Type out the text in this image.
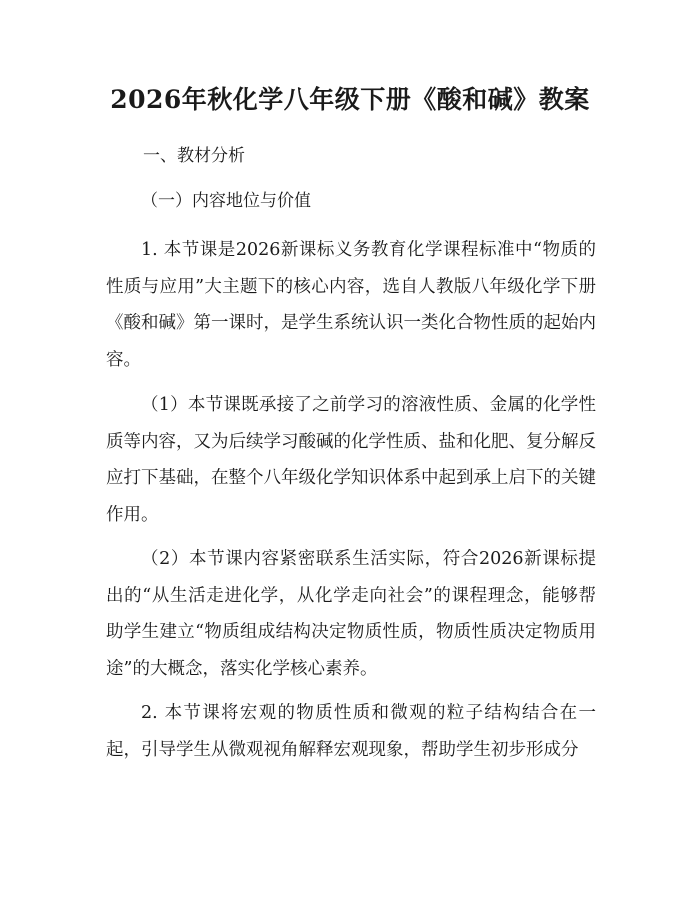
2026年秋化学八年级下册《酸和碱》教案

一、教材分析

（一）内容地位与价值

1. 本节课是2026新课标义务教育化学课程标准中“物质的性质与应用”大主题下的核心内容，选自人教版八年级化学下册《酸和碱》第一课时，是学生系统认识一类化合物性质的起始内容。

（1）本节课既承接了之前学习的溶液性质、金属的化学性质等内容，又为后续学习酸碱的化学性质、盐和化肥、复分解反应打下基础，在整个八年级化学知识体系中起到承上启下的关键作用。

（2）本节课内容紧密联系生活实际，符合2026新课标提出的“从生活走进化学，从化学走向社会”的课程理念，能够帮助学生建立“物质组成结构决定物质性质，物质性质决定物质用途”的大概念，落实化学核心素养。

2. 本节课将宏观的物质性质和微观的粒子结构结合在一起，引导学生从微观视角解释宏观现象，帮助学生初步形成分
